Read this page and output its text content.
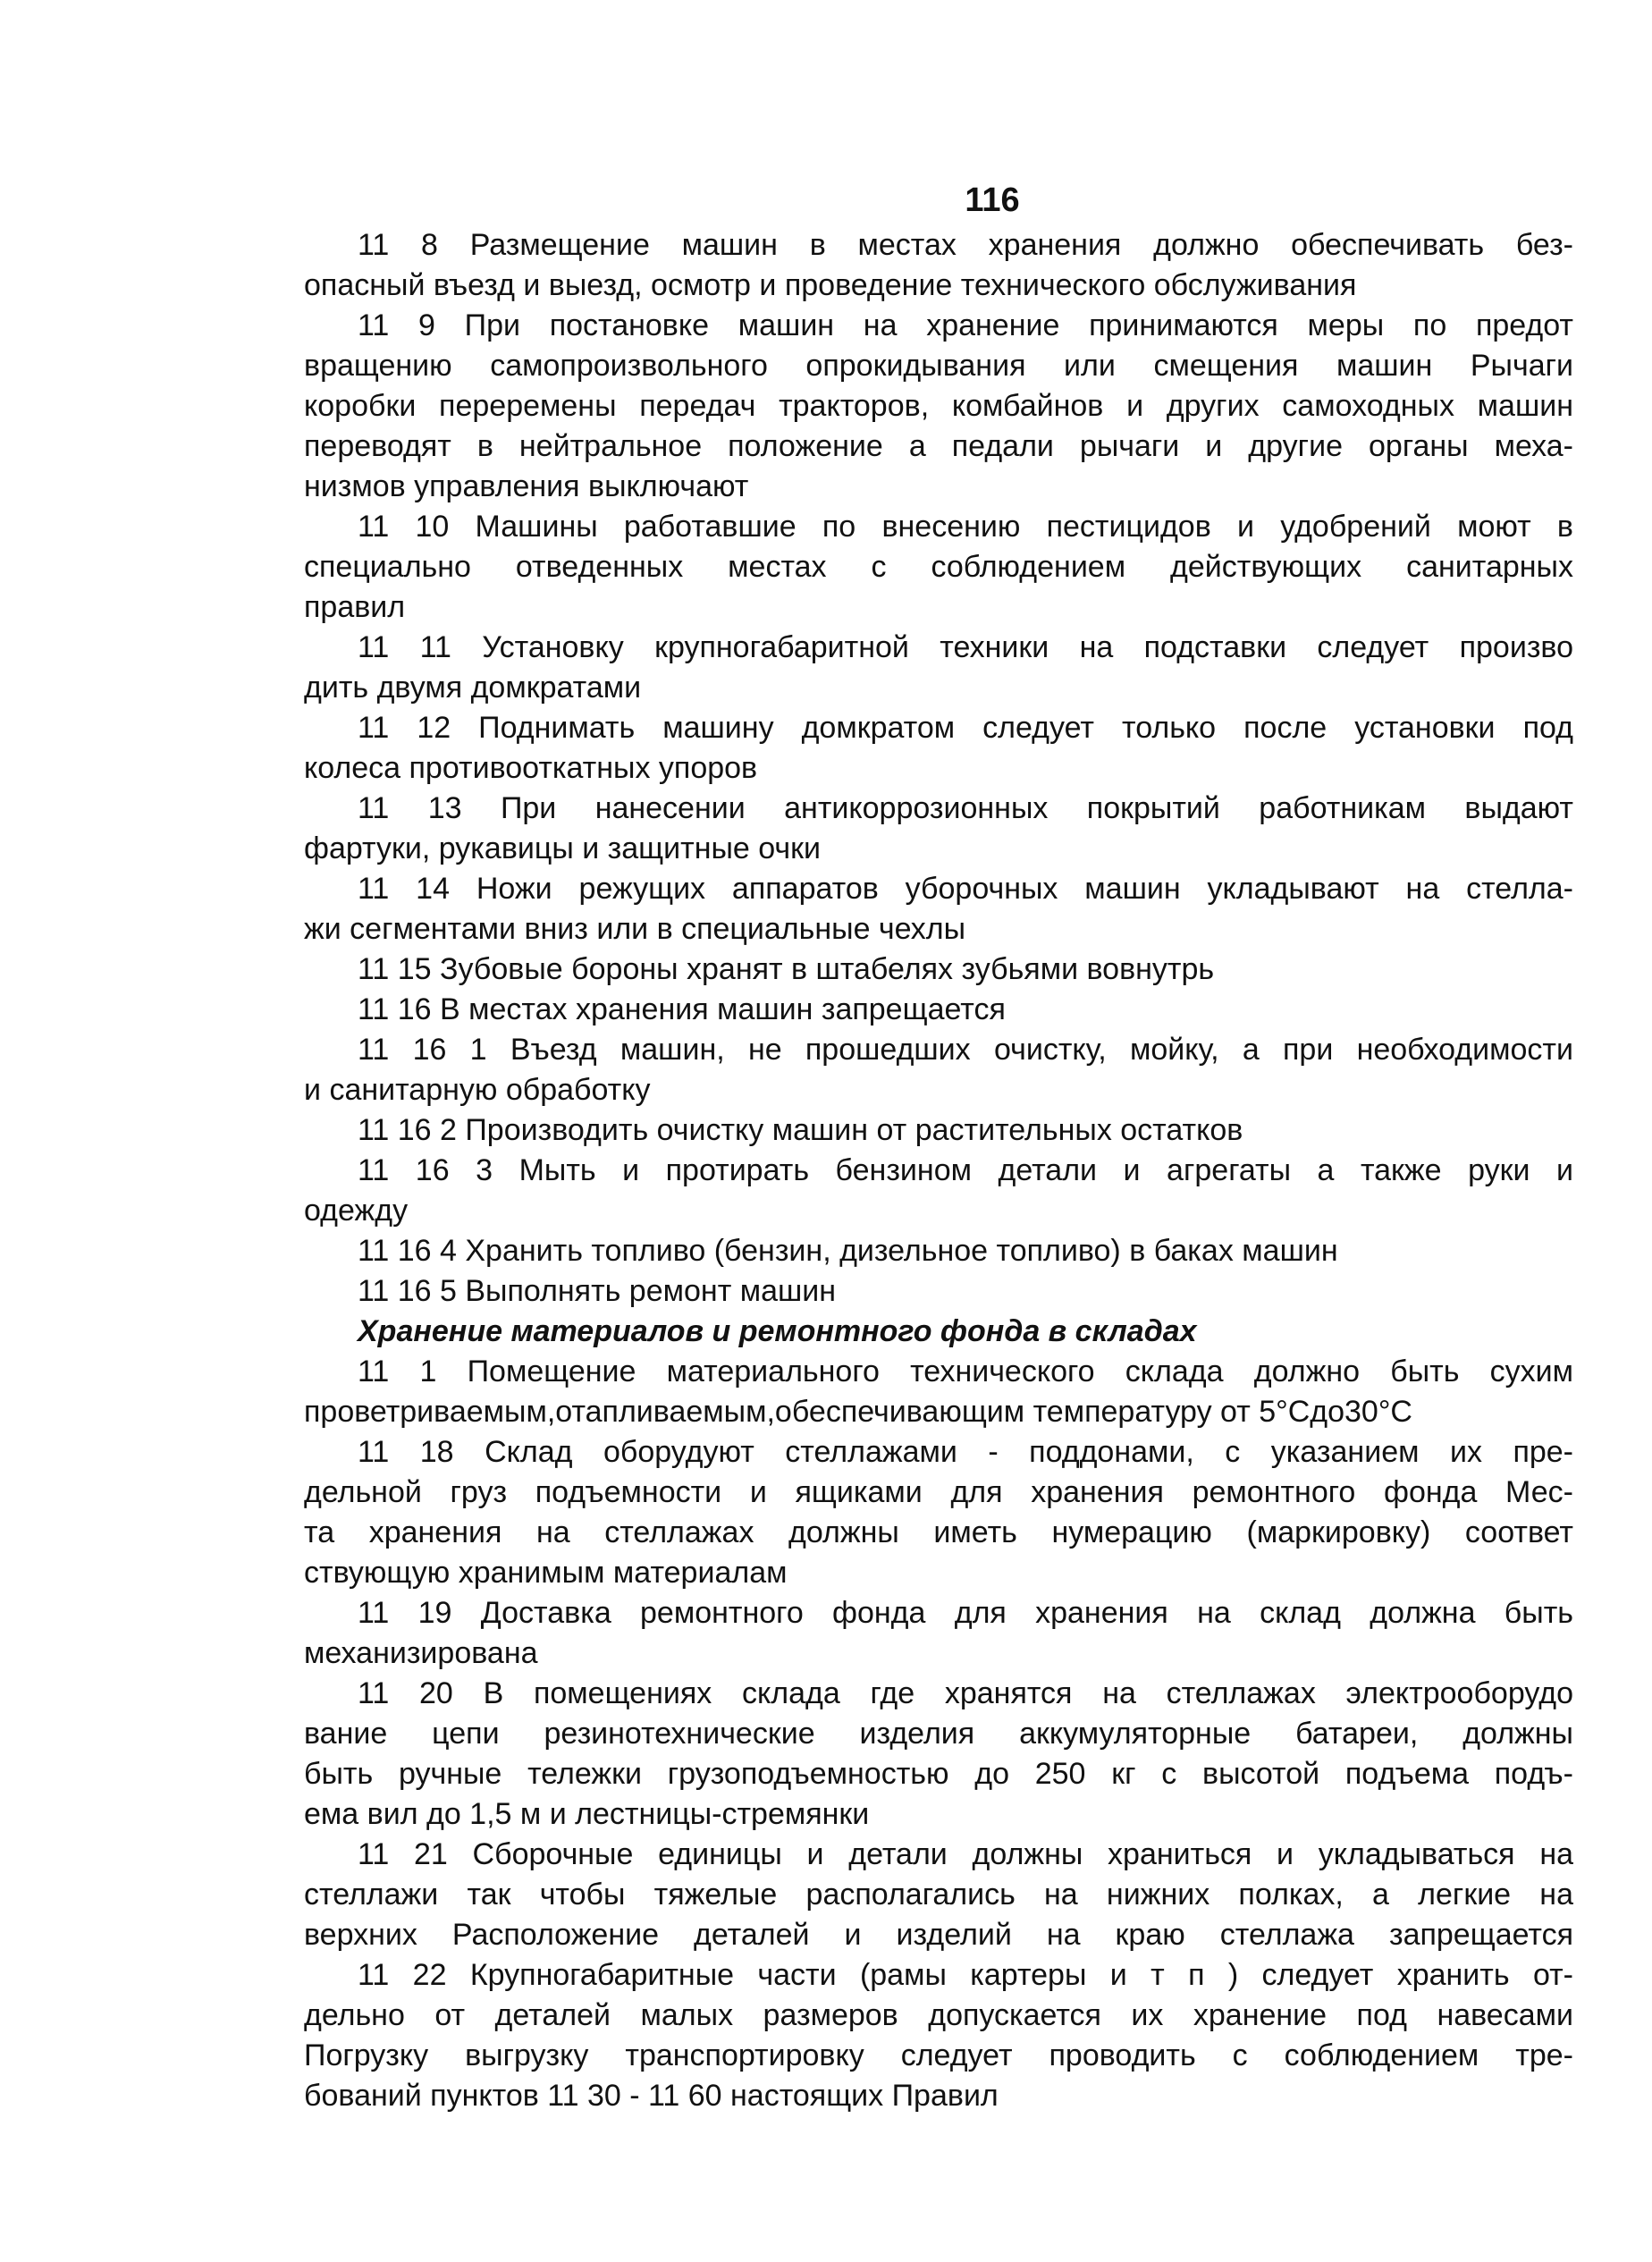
116
11 8 Размещение машин в местах хранения должно обеспечивать без-
опасный въезд и выезд, осмотр и проведение технического обслуживания
11 9 При постановке машин на хранение принимаются меры по предот
вращению самопроизвольного опрокидывания или смещения машин Рычаги
коробки переремены передач тракторов, комбайнов и других самоходных машин
переводят в нейтральное положение а педали рычаги и другие органы меха-
низмов управления выключают
11 10 Машины работавшие по внесению пестицидов и удобрений моют в
специально отведенных местах с соблюдением действующих санитарных
правил
11 11 Установку крупногабаритной техники на подставки следует произво
дить двумя домкратами
11 12 Поднимать машину домкратом следует только после установки под
колеса противооткатных упоров
11 13 При нанесении антикоррозионных покрытий работникам выдают
фартуки, рукавицы и защитные очки
11 14 Ножи режущих аппаратов уборочных машин укладывают на стелла-
жи сегментами вниз или в специальные чехлы
11 15 Зубовые бороны хранят в штабелях зубьями вовнутрь
11 16 В местах хранения машин запрещается
11 16 1 Въезд машин, не прошедших очистку, мойку, а при необходимости
и санитарную обработку
11 16 2 Производить очистку машин от растительных остатков
11 16 3 Мыть и протирать бензином детали и агрегаты а также руки и
одежду
11 16 4 Хранить топливо (бензин, дизельное топливо) в баках машин
11 16 5 Выполнять ремонт машин
Хранение материалов и ремонтного фонда в складах
11 1 Помещение материального технического склада должно быть сухим
проветриваемым,отапливаемым,обеспечивающим температуру от 5°Сдо30°С
11 18 Склад оборудуют стеллажами - поддонами, с указанием их пре-
дельной груз подъемности и ящиками для хранения ремонтного фонда Мес-
та хранения на стеллажах должны иметь нумерацию (маркировку) соответ
ствующую хранимым материалам
11 19 Доставка ремонтного фонда для хранения на склад должна быть
механизирована
11 20 В помещениях склада где хранятся на стеллажах электрооборудо
вание цепи резинотехнические изделия аккумуляторные батареи, должны
быть ручные тележки грузоподъемностью до 250 кг с высотой подъема подъ-
ема вил до 1,5 м и лестницы-стремянки
11 21 Сборочные единицы и детали должны храниться и укладываться на
стеллажи так чтобы тяжелые располагались на нижних полках, а легкие на
верхних Расположение деталей и изделий на краю стеллажа запрещается
11 22 Крупногабаритные части (рамы картеры и т п ) следует хранить от-
дельно от деталей малых размеров допускается их хранение под навесами
Погрузку выгрузку транспортировку следует проводить с соблюдением тре-
бований пунктов 11 30 - 11 60 настоящих Правил
